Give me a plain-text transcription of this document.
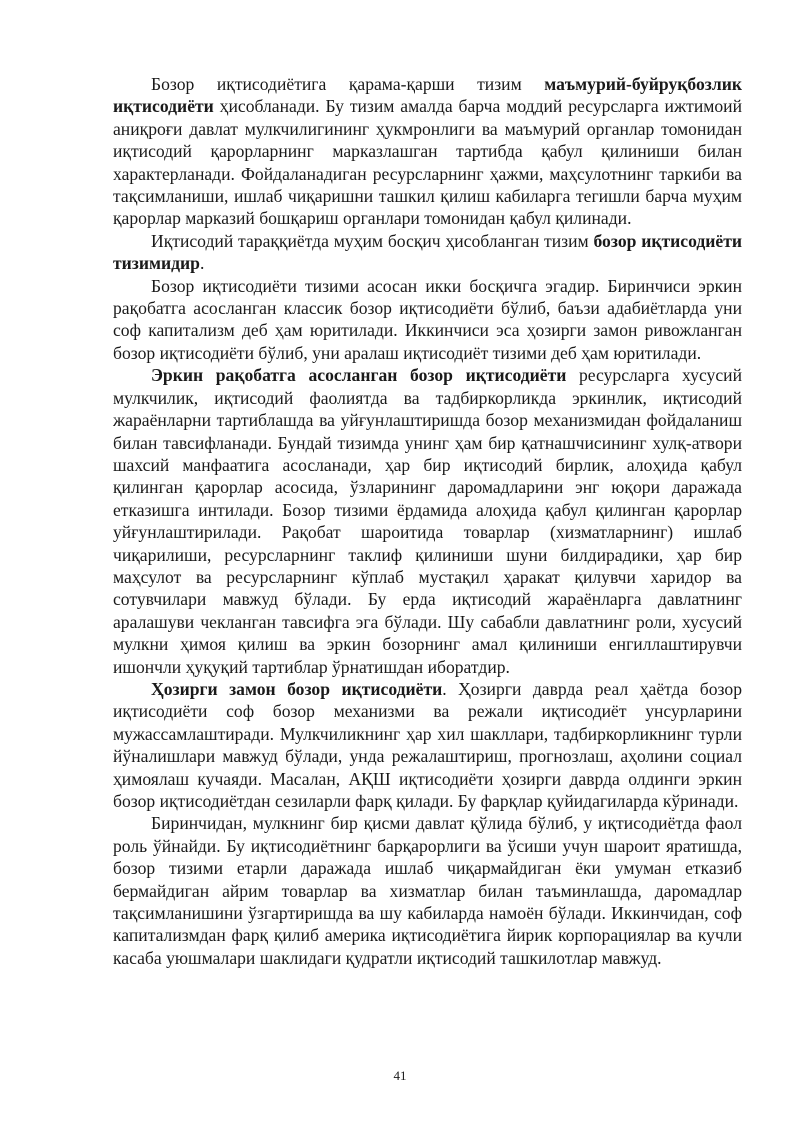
Бозор иқтисодиётига қарама-қарши тизим маъмурий-буйруқбозлик иқтисодиёти ҳисобланади. Бу тизим амалда барча моддий ресурсларга ижтимоий аниқроғи давлат мулкчилигининг ҳукмронлиги ва маъмурий органлар томонидан иқтисодий қарорларнинг марказлашган тартибда қабул қилиниши билан характерланади. Фойдаланадиган ресурсларнинг ҳажми, маҳсулотнинг таркиби ва тақсимланиши, ишлаб чиқаришни ташкил қилиш кабиларга тегишли барча муҳим қарорлар марказий бошқариш органлари томонидан қабул қилинади.

Иқтисодий тараққиётда муҳим босқич ҳисобланган тизим бозор иқтисодиёти тизимидир.

Бозор иқтисодиёти тизими асосан икки босқичга эгадир. Биринчиси эркин рақобатга асосланган классик бозор иқтисодиёти бўлиб, баъзи адабиётларда уни соф капитализм деб ҳам юритилади. Иккинчиси эса ҳозирги замон ривожланган бозор иқтисодиёти бўлиб, уни аралаш иқтисодиёт тизими деб ҳам юритилади.

Эркин рақобатга асосланган бозор иқтисодиёти ресурсларга хусусий мулкчилик, иқтисодий фаолиятда ва тадбиркорликда эркинлик, иқтисодий жараёнларни тартиблашда ва уйғунлаштиришда бозор механизмидан фойдаланиш билан тавсифланади. Бундай тизимда унинг ҳам бир қатнашчисининг хулқ-атвори шахсий манфаатига асосланади, ҳар бир иқтисодий бирлик, алоҳида қабул қилинган қарорлар асосида, ўзларининг даромадларини энг юқори даражада етказишга интилади. Бозор тизими ёрдамида алоҳида қабул қилинган қарорлар уйғунлаштирилади. Рақобат шароитида товарлар (хизматларнинг) ишлаб чиқарилиши, ресурсларнинг таклиф қилиниши шуни билдирадики, ҳар бир маҳсулот ва ресурсларнинг кўплаб мустақил ҳаракат қилувчи харидор ва сотувчилари мавжуд бўлади. Бу ерда иқтисодий жараёнларга давлатнинг аралашуви чекланган тавсифга эга бўлади. Шу сабабли давлатнинг роли, хусусий мулкни ҳимоя қилиш ва эркин бозорнинг амал қилиниши енгиллаштирувчи ишончли ҳуқуқий тартиблар ўрнатишдан иборатдир.

Ҳозирги замон бозор иқтисодиёти. Ҳозирги даврда реал ҳаётда бозор иқтисодиёти соф бозор механизми ва режали иқтисодиёт унсурларини мужассамлаштиради. Мулкчиликнинг ҳар хил шакллари, тадбиркорликнинг турли йўналишлари мавжуд бўлади, унда режалаштириш, прогнозлаш, аҳолини социал ҳимоялаш кучаяди. Масалан, АҚШ иқтисодиёти ҳозирги даврда олдинги эркин бозор иқтисодиётдан сезиларли фарқ қилади. Бу фарқлар қуйидагиларда кўринади.

Биринчидан, мулкнинг бир қисми давлат қўлида бўлиб, у иқтисодиётда фаол роль ўйнайди. Бу иқтисодиётнинг барқарорлиги ва ўсиши учун шароит яратишда, бозор тизими етарли даражада ишлаб чиқармайдиган ёки умуман етказиб бермайдиган айрим товарлар ва хизматлар билан таъминлашда, даромадлар тақсимланишини ўзгартиришда ва шу кабиларда намоён бўлади. Иккинчидан, соф капитализмдан фарқ қилиб америка иқтисодиётига йирик корпорациялар ва кучли касаба уюшмалари шаклидаги қудратли иқтисодий ташкилотлар мавжуд.

41
